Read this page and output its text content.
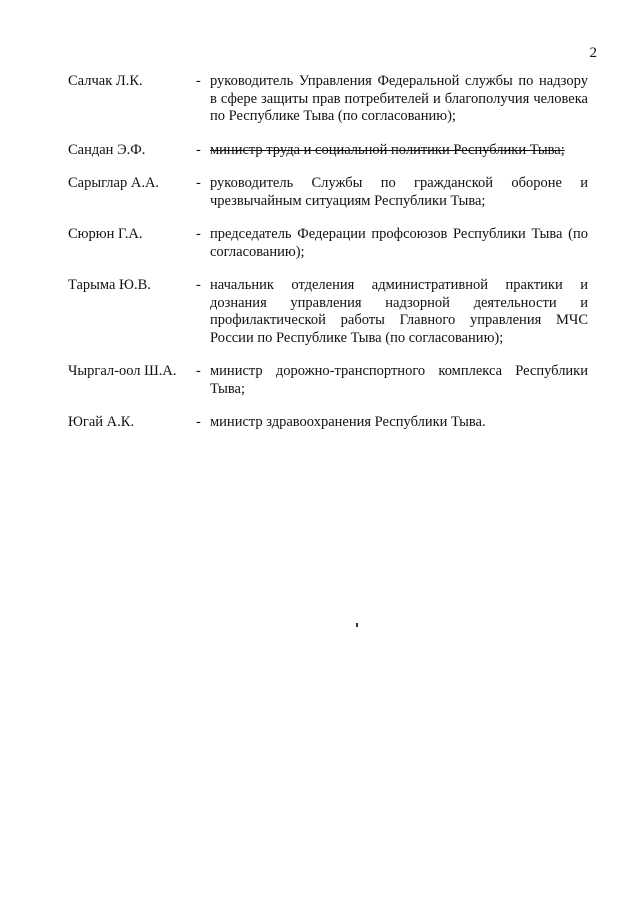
2
Салчак Л.К.	- руководитель Управления Федеральной службы по надзору в сфере защиты прав потребителей и благополучия человека по Республике Тыва (по согласованию);
Сандан Э.Ф.	- министр труда и социальной политики Республики Тыва;
Сарыглар А.А.	- руководитель Службы по гражданской обороне и чрезвычайным ситуациям Республики Тыва;
Сюрюн Г.А.	- председатель Федерации профсоюзов Республики Тыва (по согласованию);
Тарыма Ю.В.	- начальник отделения административной практики и дознания управления надзорной деятельности и профилактической работы Главного управления МЧС России по Республике Тыва (по согласованию);
Чыргал-оол Ш.А.	- министр дорожно-транспортного комплекса Республики Тыва;
Югай А.К.	- министр здравоохранения Республики Тыва.
